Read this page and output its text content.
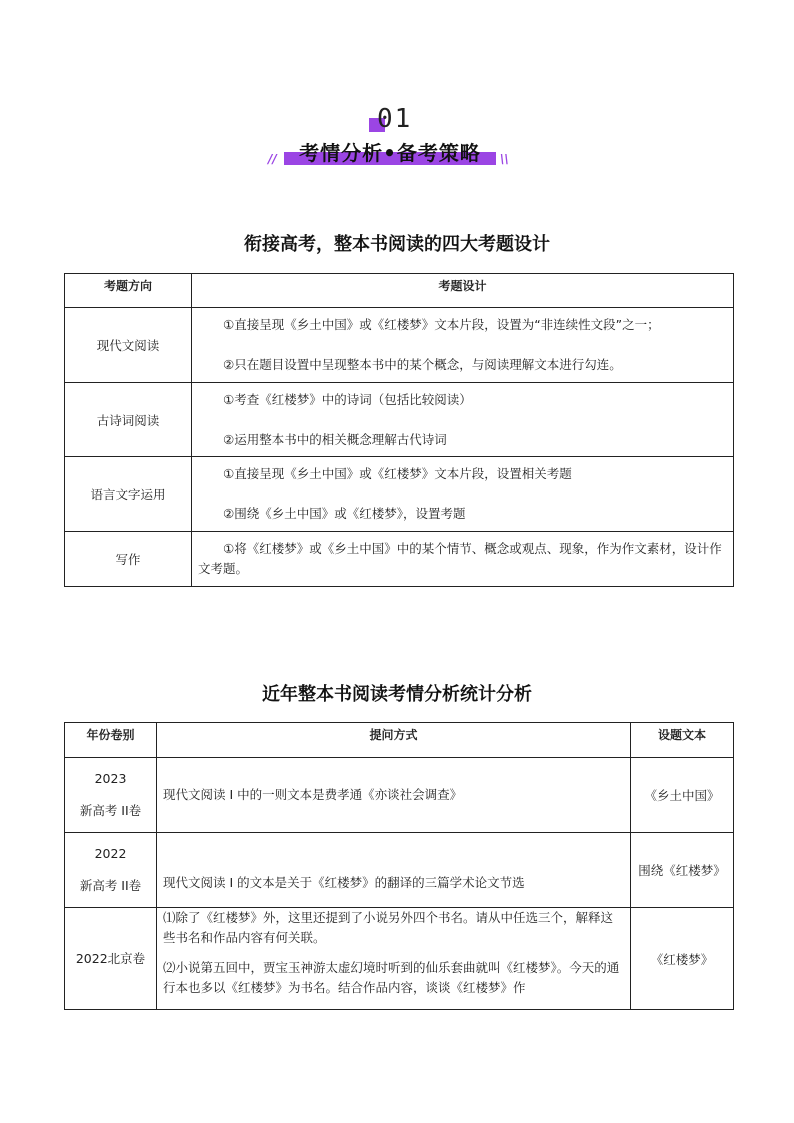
01
考情分析•备考策略
//	\\
衔接高考，整本书阅读的四大考题设计
考题方向	考题设计
现代文阅读	①直接呈现《乡土中国》或《红楼梦》文本片段，设置为“非连续性文段”之一；

②只在题目设置中呈现整本书中的某个概念，与阅读理解文本进行勾连。

古诗词阅读	①考查《红楼梦》中的诗词（包括比较阅读）

②运用整本书中的相关概念理解古代诗词

语言文字运用	①直接呈现《乡土中国》或《红楼梦》文本片段，设置相关考题

②围绕《乡土中国》或《红楼梦》，设置考题

写作	①将《红楼梦》或《乡土中国》中的某个情节、概念或观点、现象，作为作文素材，设计作文考题。

近年整本书阅读考情分析统计分析
年份卷别	提问方式	设题文本

2023

新高考 II卷	现代文阅读 I 中的一则文本是费孝通《亦谈社会调查》	《乡土中国》

2022

新高考 II卷	现代文阅读 I 的文本是关于《红楼梦》的翻译的三篇学术论文节选	围绕《红楼梦》

2022北京卷	⑴除了《红楼梦》外，这里还提到了小说另外四个书名。请从中任选三个，解释这些书名和作品内容有何关联。

⑵小说第五回中，贾宝玉神游太虚幻境时听到的仙乐套曲就叫《红楼梦》。今天的通行本也多以《红楼梦》为书名。结合作品内容，谈谈《红楼梦》作	《红楼梦》
